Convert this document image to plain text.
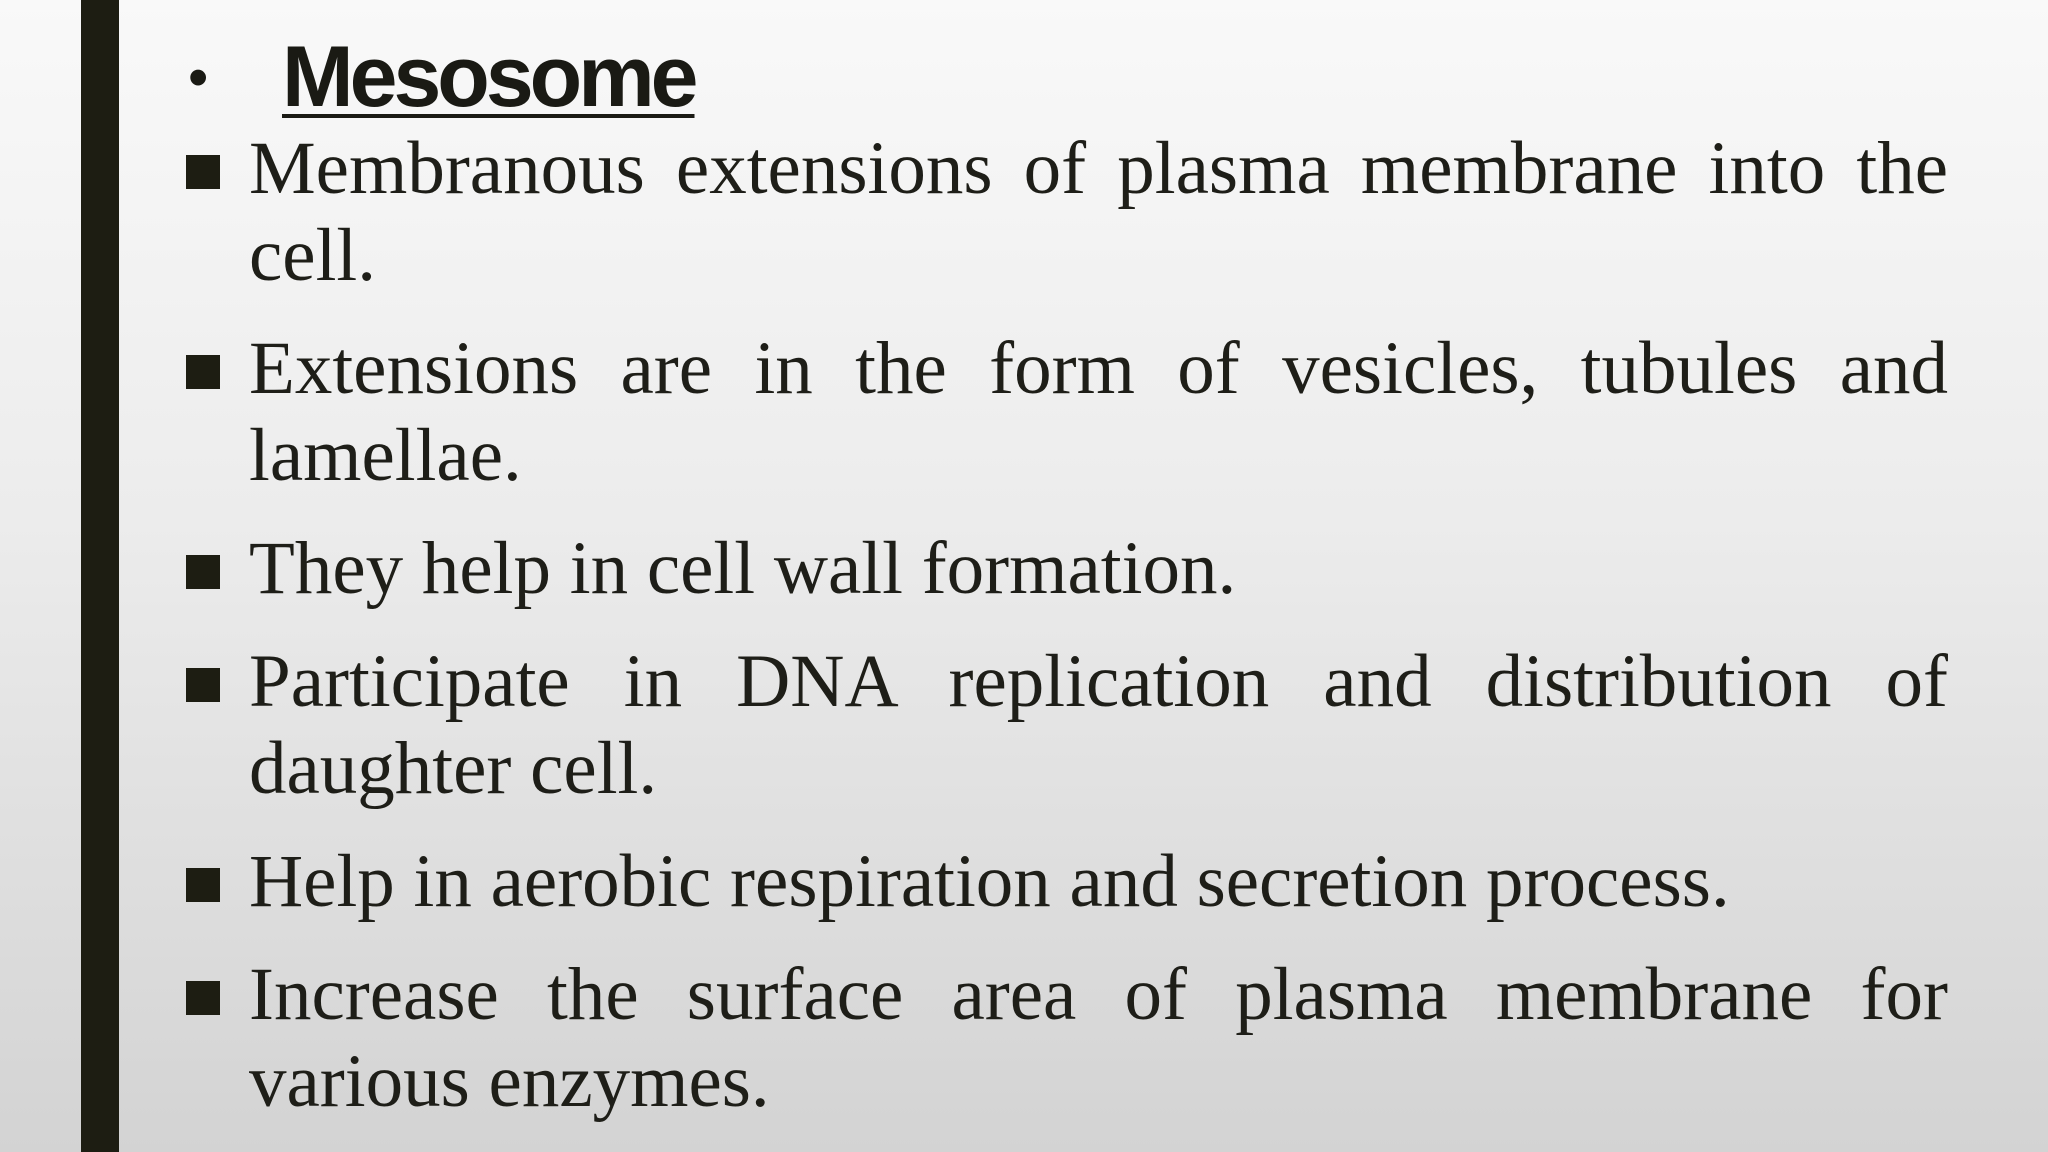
• Mesosome
Membranous extensions of plasma membrane into the cell.
Extensions are in the form of vesicles, tubules and lamellae.
They help in cell wall formation.
Participate in DNA replication and distribution of daughter cell.
Help in aerobic respiration and secretion process.
Increase the surface area of plasma membrane for various enzymes.
